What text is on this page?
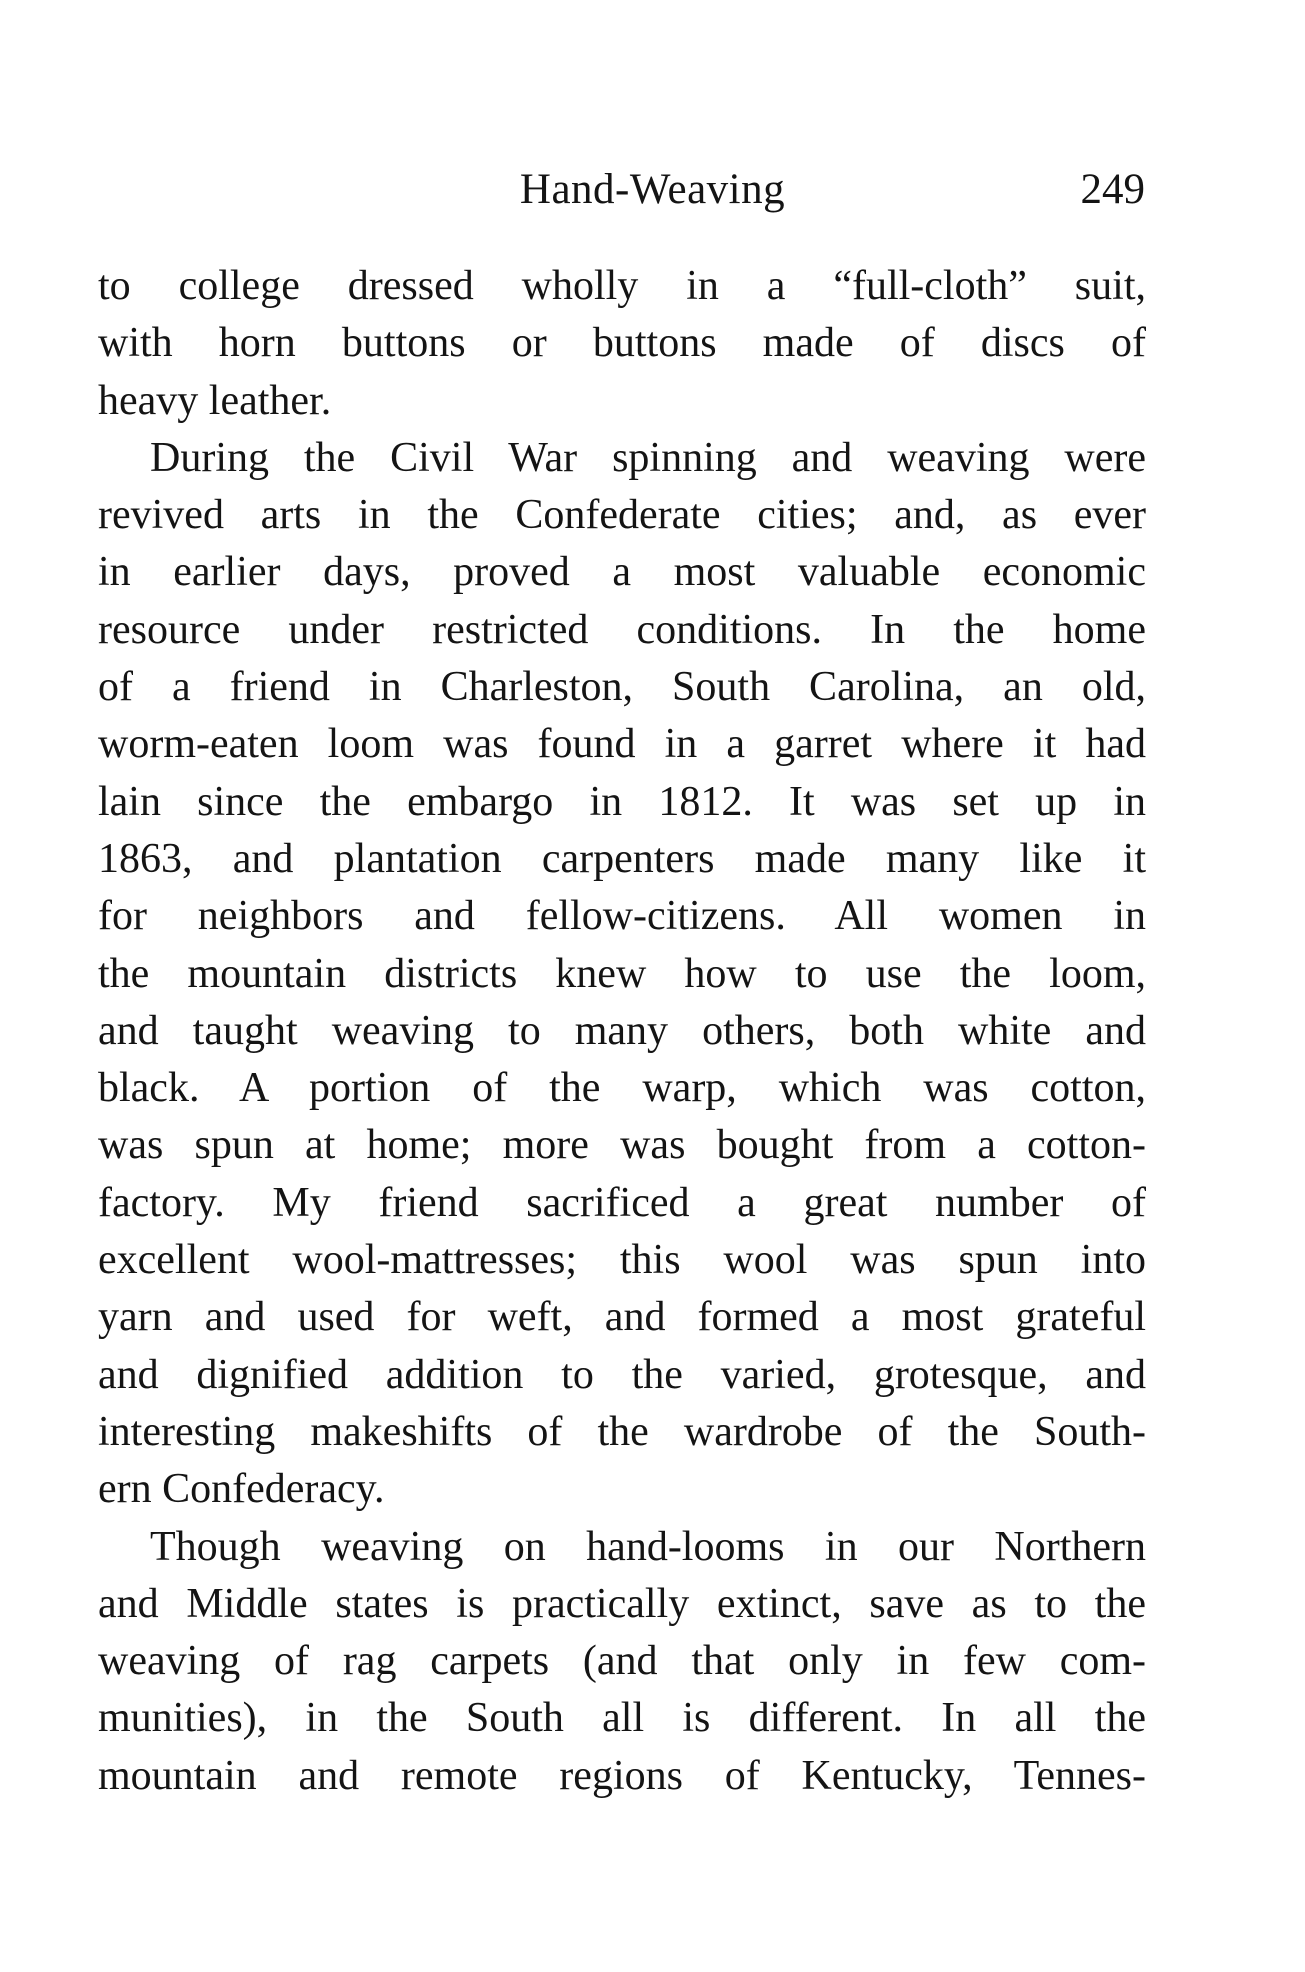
Hand-Weaving	249
to college dressed wholly in a “full-cloth” suit,
with horn buttons or buttons made of discs of
heavy leather.
During the Civil War spinning and weaving were
revived arts in the Confederate cities; and, as ever
in earlier days, proved a most valuable economic
resource under restricted conditions. In the home
of a friend in Charleston, South Carolina, an old,
worm-eaten loom was found in a garret where it had
lain since the embargo in 1812. It was set up in
1863, and plantation carpenters made many like it
for neighbors and fellow-citizens. All women in
the mountain districts knew how to use the loom,
and taught weaving to many others, both white and
black. A portion of the warp, which was cotton,
was spun at home; more was bought from a cotton-
factory. My friend sacrificed a great number of
excellent wool-mattresses; this wool was spun into
yarn and used for weft, and formed a most grateful
and dignified addition to the varied, grotesque, and
interesting makeshifts of the wardrobe of the South-
ern Confederacy.
Though weaving on hand-looms in our Northern
and Middle states is practically extinct, save as to the
weaving of rag carpets (and that only in few com-
munities), in the South all is different. In all the
mountain and remote regions of Kentucky, Tennes-
